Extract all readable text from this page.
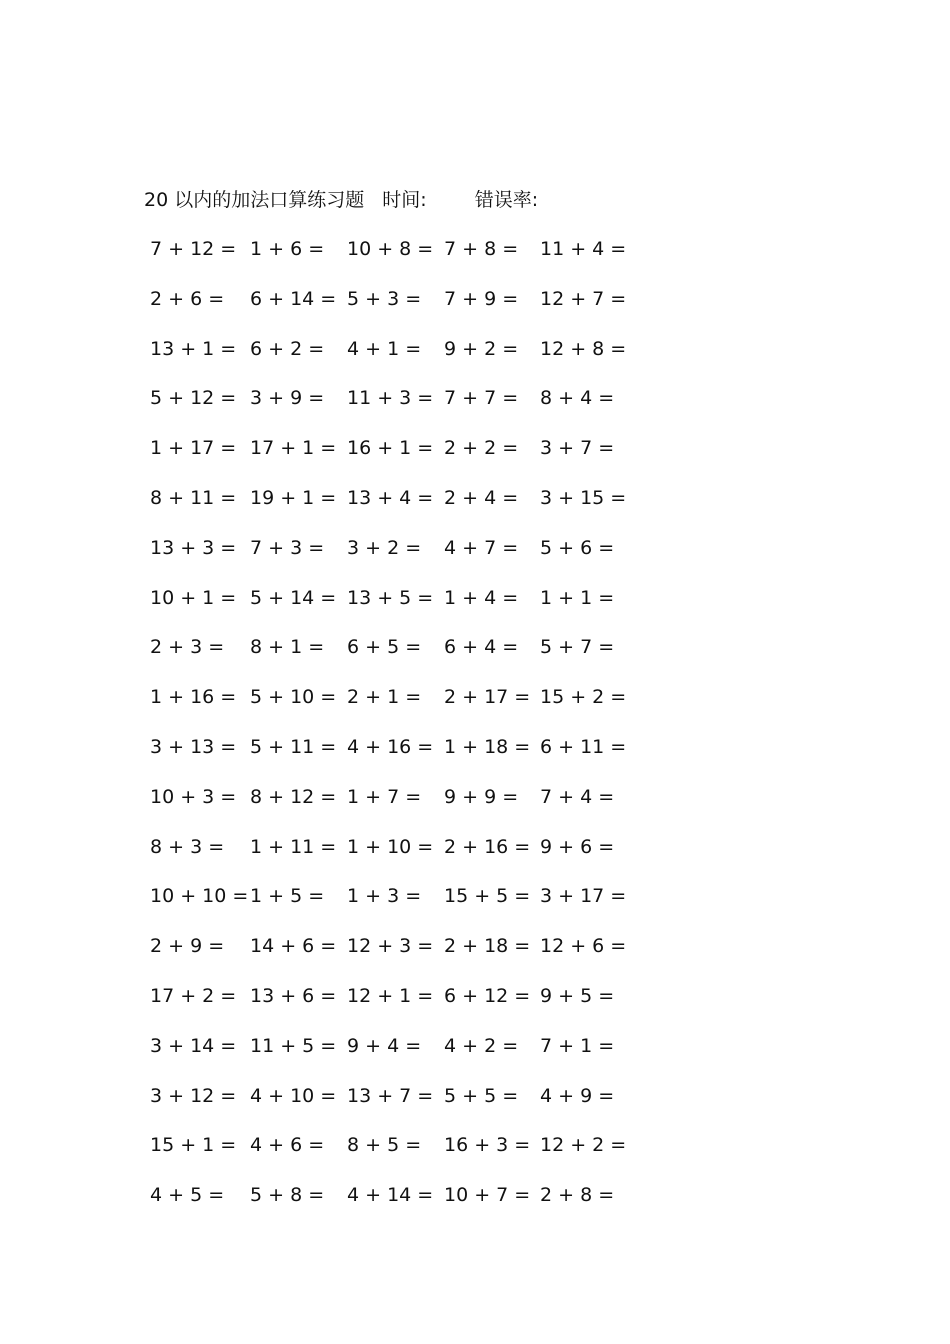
20 以内的加法口算练习题 时间:	错误率:
7 + 12 = 1 + 6 = 10 + 8 = 7 + 8 = 11 + 4 =
2 + 6 = 6 + 14 = 5 + 3 = 7 + 9 = 12 + 7 =
13 + 1 = 6 + 2 = 4 + 1 = 9 + 2 = 12 + 8 =
5 + 12 = 3 + 9 = 11 + 3 = 7 + 7 = 8 + 4 =
1 + 17 = 17 + 1 = 16 + 1 = 2 + 2 = 3 + 7 =
8 + 11 = 19 + 1 = 13 + 4 = 2 + 4 = 3 + 15 =
13 + 3 = 7 + 3 = 3 + 2 = 4 + 7 = 5 + 6 =
10 + 1 = 5 + 14 = 13 + 5 = 1 + 4 = 1 + 1 =
2 + 3 = 8 + 1 = 6 + 5 = 6 + 4 = 5 + 7 =
1 + 16 = 5 + 10 = 2 + 1 = 2 + 17 = 15 + 2 =
3 + 13 = 5 + 11 = 4 + 16 = 1 + 18 = 6 + 11 =
10 + 3 = 8 + 12 = 1 + 7 = 9 + 9 = 7 + 4 =
8 + 3 = 1 + 11 = 1 + 10 = 2 + 16 = 9 + 6 =
10 + 10 = 1 + 5 = 1 + 3 = 15 + 5 = 3 + 17 =
2 + 9 = 14 + 6 = 12 + 3 = 2 + 18 = 12 + 6 =
17 + 2 = 13 + 6 = 12 + 1 = 6 + 12 = 9 + 5 =
3 + 14 = 11 + 5 = 9 + 4 = 4 + 2 = 7 + 1 =
3 + 12 = 4 + 10 = 13 + 7 = 5 + 5 = 4 + 9 =
15 + 1 = 4 + 6 = 8 + 5 = 16 + 3 = 12 + 2 =
4 + 5 = 5 + 8 = 4 + 14 = 10 + 7 = 2 + 8 =
